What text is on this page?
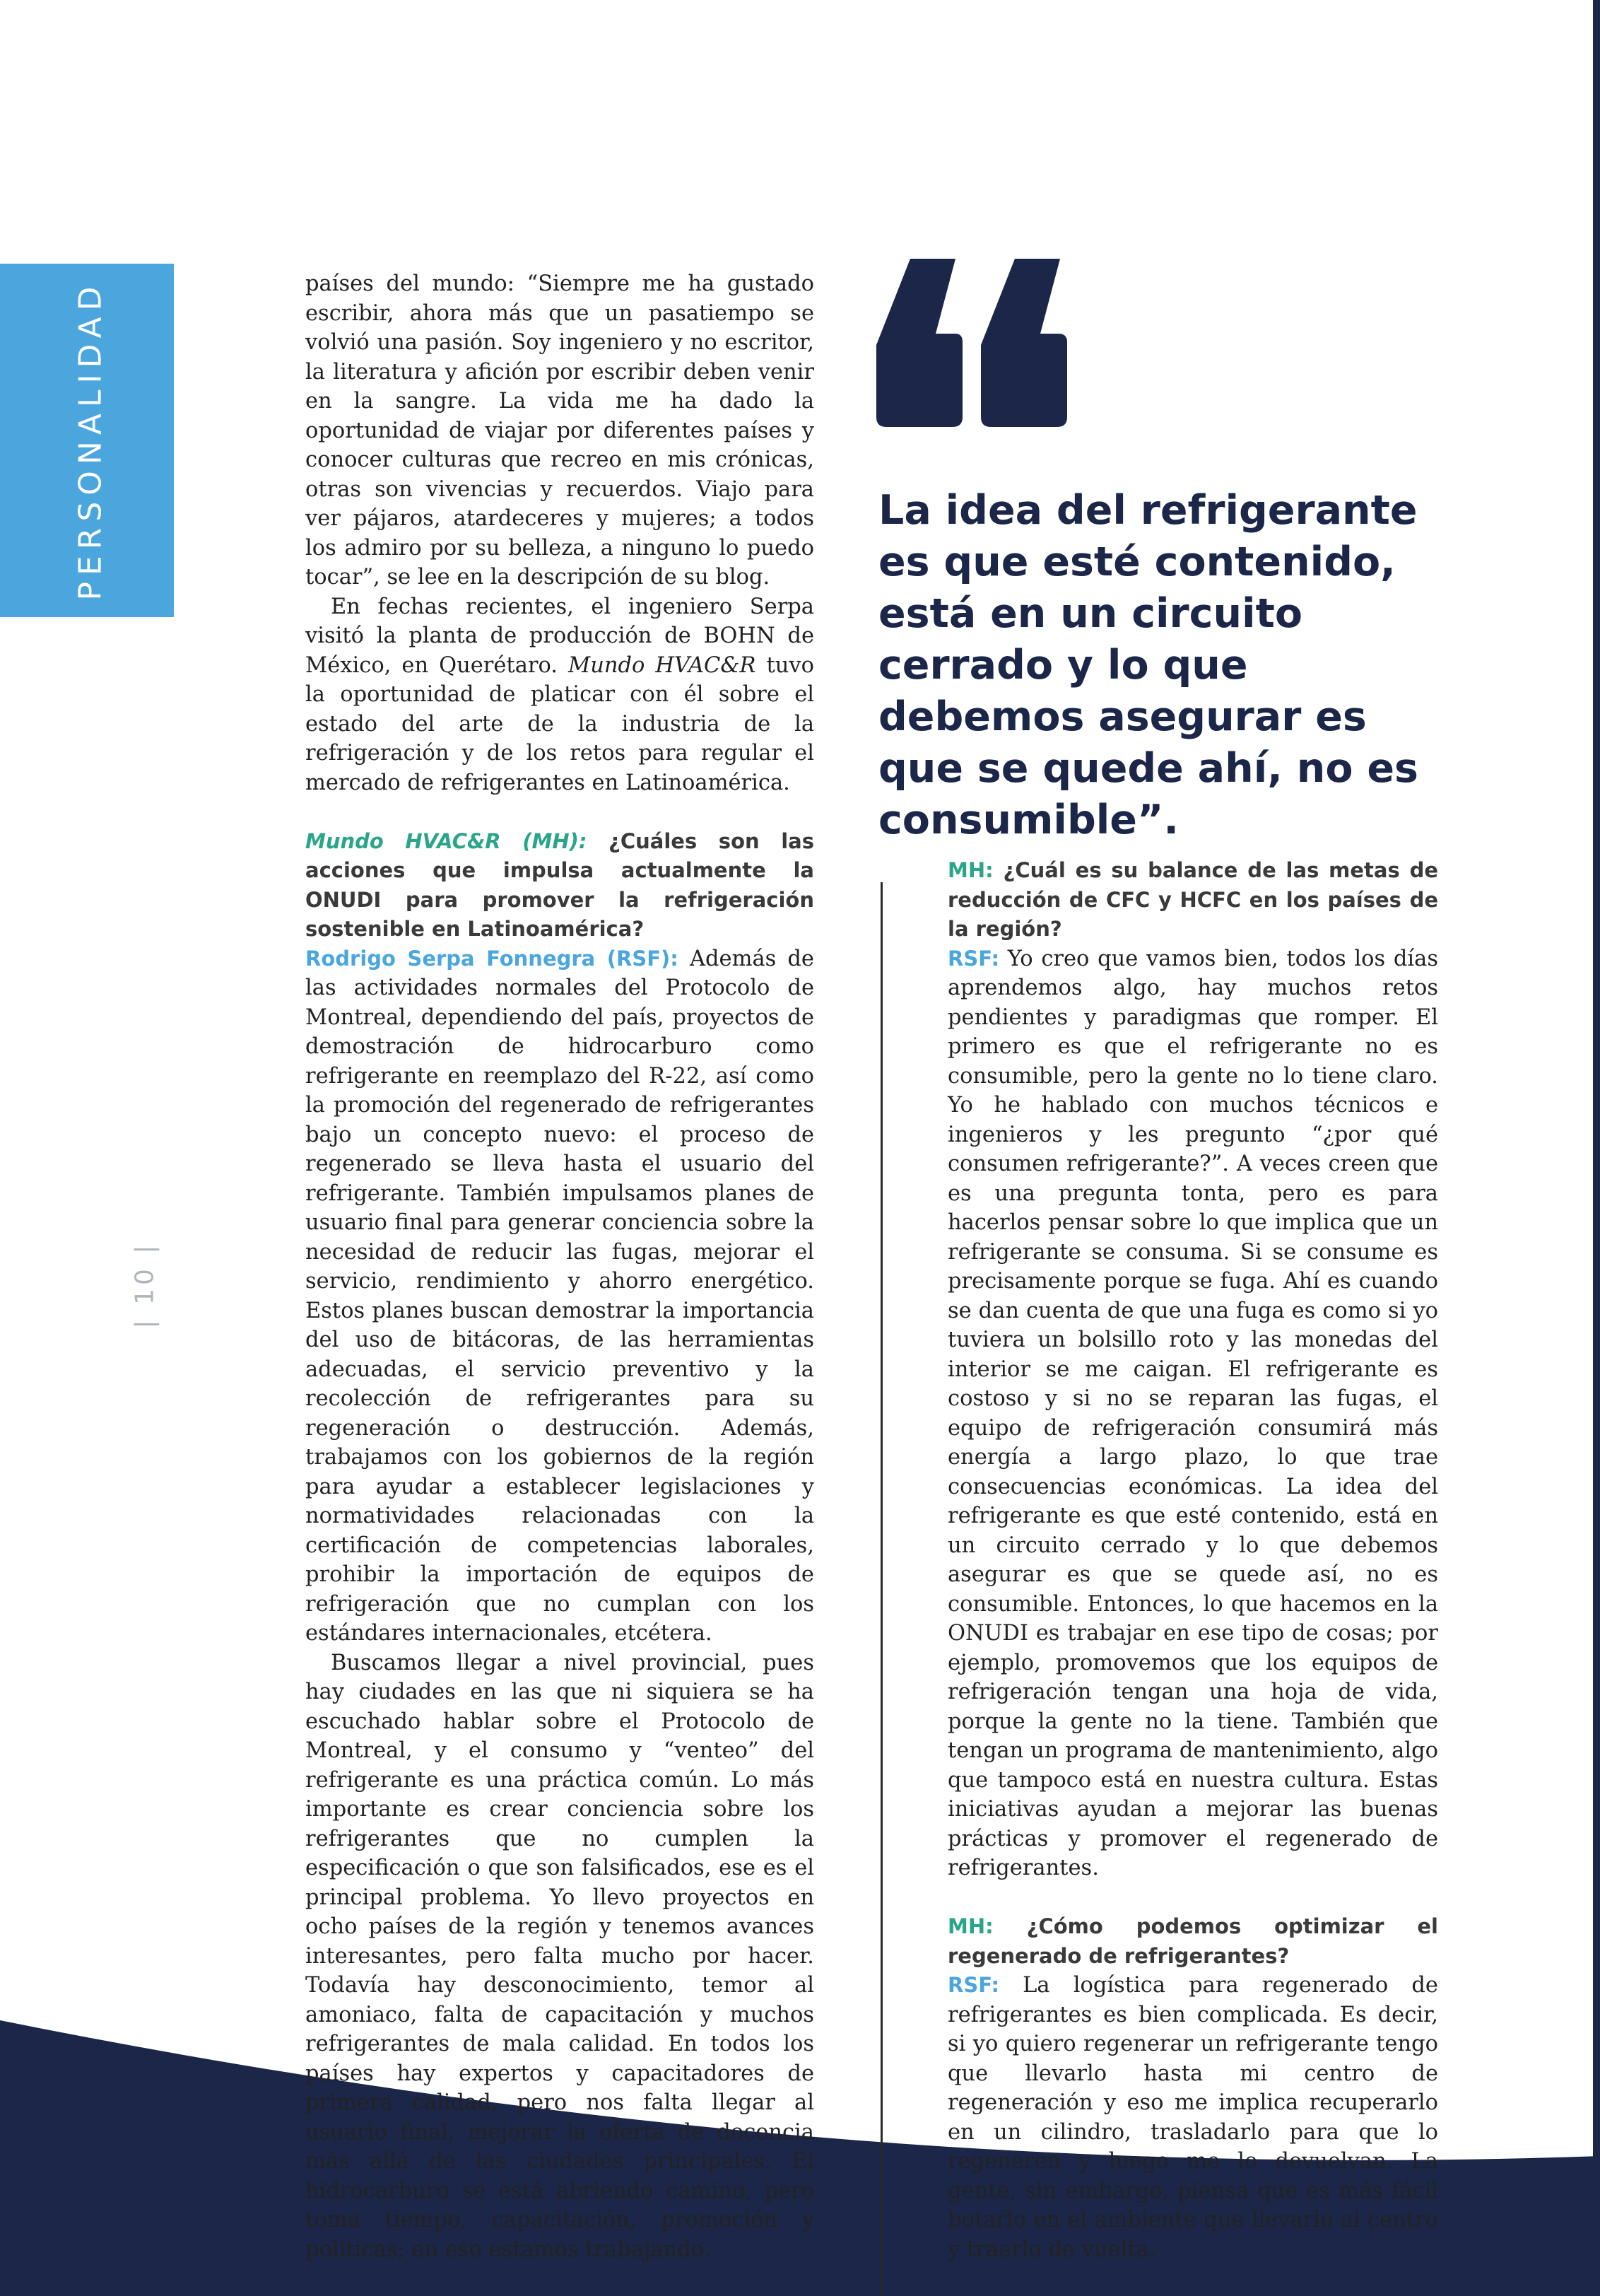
PERSONALIDAD
| 10 |

países del mundo: “Siempre me ha gustado escribir, ahora más que un pasatiempo se volvió una pasión. Soy ingeniero y no escritor, la literatura y afición por escribir deben venir en la sangre. La vida me ha dado la oportunidad de viajar por diferentes países y conocer culturas que recreo en mis crónicas, otras son vivencias y recuerdos. Viajo para ver pájaros, atardeceres y mujeres; a todos los admiro por su belleza, a ninguno lo puedo tocar”, se lee en la descripción de su blog.

En fechas recientes, el ingeniero Serpa visitó la planta de producción de BOHN de México, en Querétaro. Mundo HVAC&R tuvo la oportunidad de platicar con él sobre el estado del arte de la industria de la refrigeración y de los retos para regular el mercado de refrigerantes en Latinoamérica.

Mundo HVAC&R (MH): ¿Cuáles son las acciones que impulsa actualmente la ONUDI para promover la refrigeración sostenible en Latinoamérica?

Rodrigo Serpa Fonnegra (RSF): Además de las actividades normales del Protocolo de Montreal, dependiendo del país, proyectos de demostración de hidrocarburo como refrigerante en reemplazo del R-22, así como la promoción del regenerado de refrigerantes bajo un concepto nuevo: el proceso de regenerado se lleva hasta el usuario del refrigerante. También impulsamos planes de usuario final para generar conciencia sobre la necesidad de reducir las fugas, mejorar el servicio, rendimiento y ahorro energético. Estos planes buscan demostrar la importancia del uso de bitácoras, de las herramientas adecuadas, el servicio preventivo y la recolección de refrigerantes para su regeneración o destrucción. Además, trabajamos con los gobiernos de la región para ayudar a establecer legislaciones y normatividades relacionadas con la certificación de competencias laborales, prohibir la importación de equipos de refrigeración que no cumplan con los estándares internacionales, etcétera.

Buscamos llegar a nivel provincial, pues hay ciudades en las que ni siquiera se ha escuchado hablar sobre el Protocolo de Montreal, y el consumo y “venteo” del refrigerante es una práctica común. Lo más importante es crear conciencia sobre los refrigerantes que no cumplen la especificación o que son falsificados, ese es el principal problema. Yo llevo proyectos en ocho países de la región y tenemos avances interesantes, pero falta mucho por hacer. Todavía hay desconocimiento, temor al amoniaco, falta de capacitación y muchos refrigerantes de mala calidad. En todos los países hay expertos y capacitadores de primera calidad, pero nos falta llegar al usuario final, mejorar la oferta de docencia más allá de las ciudades principales. El hidrocarburo se está abriendo camino, pero toma tiempo, capacitación, promoción y políticas; en eso estamos trabajando.

La idea del refrigerante es que esté contenido, está en un circuito cerrado y lo que debemos asegurar es que se quede ahí, no es consumible”.

MH: ¿Cuál es su balance de las metas de reducción de CFC y HCFC en los países de la región?

RSF: Yo creo que vamos bien, todos los días aprendemos algo, hay muchos retos pendientes y paradigmas que romper. El primero es que el refrigerante no es consumible, pero la gente no lo tiene claro. Yo he hablado con muchos técnicos e ingenieros y les pregunto “¿por qué consumen refrigerante?”. A veces creen que es una pregunta tonta, pero es para hacerlos pensar sobre lo que implica que un refrigerante se consuma. Si se consume es precisamente porque se fuga. Ahí es cuando se dan cuenta de que una fuga es como si yo tuviera un bolsillo roto y las monedas del interior se me caigan. El refrigerante es costoso y si no se reparan las fugas, el equipo de refrigeración consumirá más energía a largo plazo, lo que trae consecuencias económicas. La idea del refrigerante es que esté contenido, está en un circuito cerrado y lo que debemos asegurar es que se quede así, no es consumible. Entonces, lo que hacemos en la ONUDI es trabajar en ese tipo de cosas; por ejemplo, promovemos que los equipos de refrigeración tengan una hoja de vida, porque la gente no la tiene. También que tengan un programa de mantenimiento, algo que tampoco está en nuestra cultura. Estas iniciativas ayudan a mejorar las buenas prácticas y promover el regenerado de refrigerantes.

MH: ¿Cómo podemos optimizar el regenerado de refrigerantes?

RSF: La logística para regenerado de refrigerantes es bien complicada. Es decir, si yo quiero regenerar un refrigerante tengo que llevarlo hasta mi centro de regeneración y eso me implica recuperarlo en un cilindro, trasladarlo para que lo regeneren y luego me lo devuelvan. La gente, sin embargo, piensa que es más fácil botarlo en el ambiente que llevarlo al centro y traerlo de vuelta.
